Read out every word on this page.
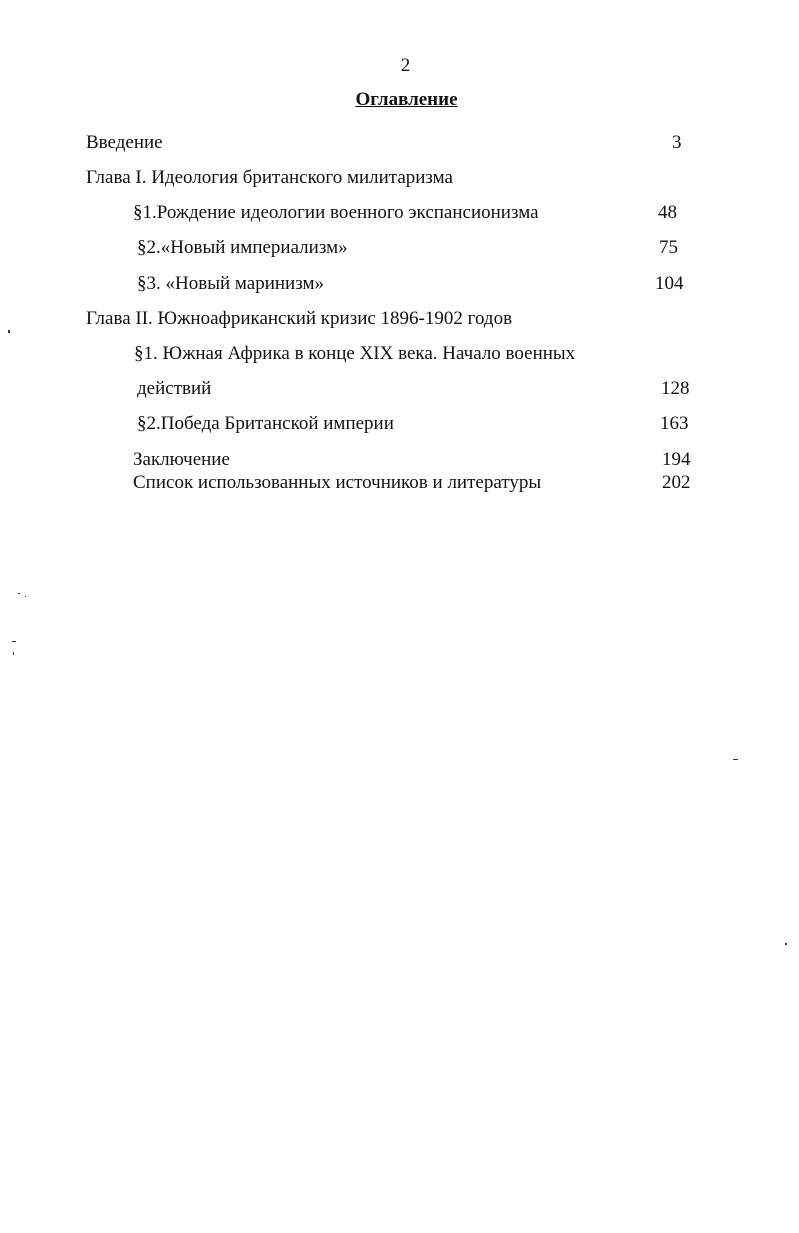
2
Оглавление
Введение	3
Глава I. Идеология британского милитаризма
§1.Рождение идеологии военного экспансионизма	48
§2.«Новый империализм»	75
§3. «Новый маринизм»	104
Глава II. Южноафриканский кризис 1896-1902 годов
§1. Южная Африка в конце XIX века. Начало военных
действий	128
§2.Победа Британской империи	163
Заключение	194
Список использованных источников и литературы	202
